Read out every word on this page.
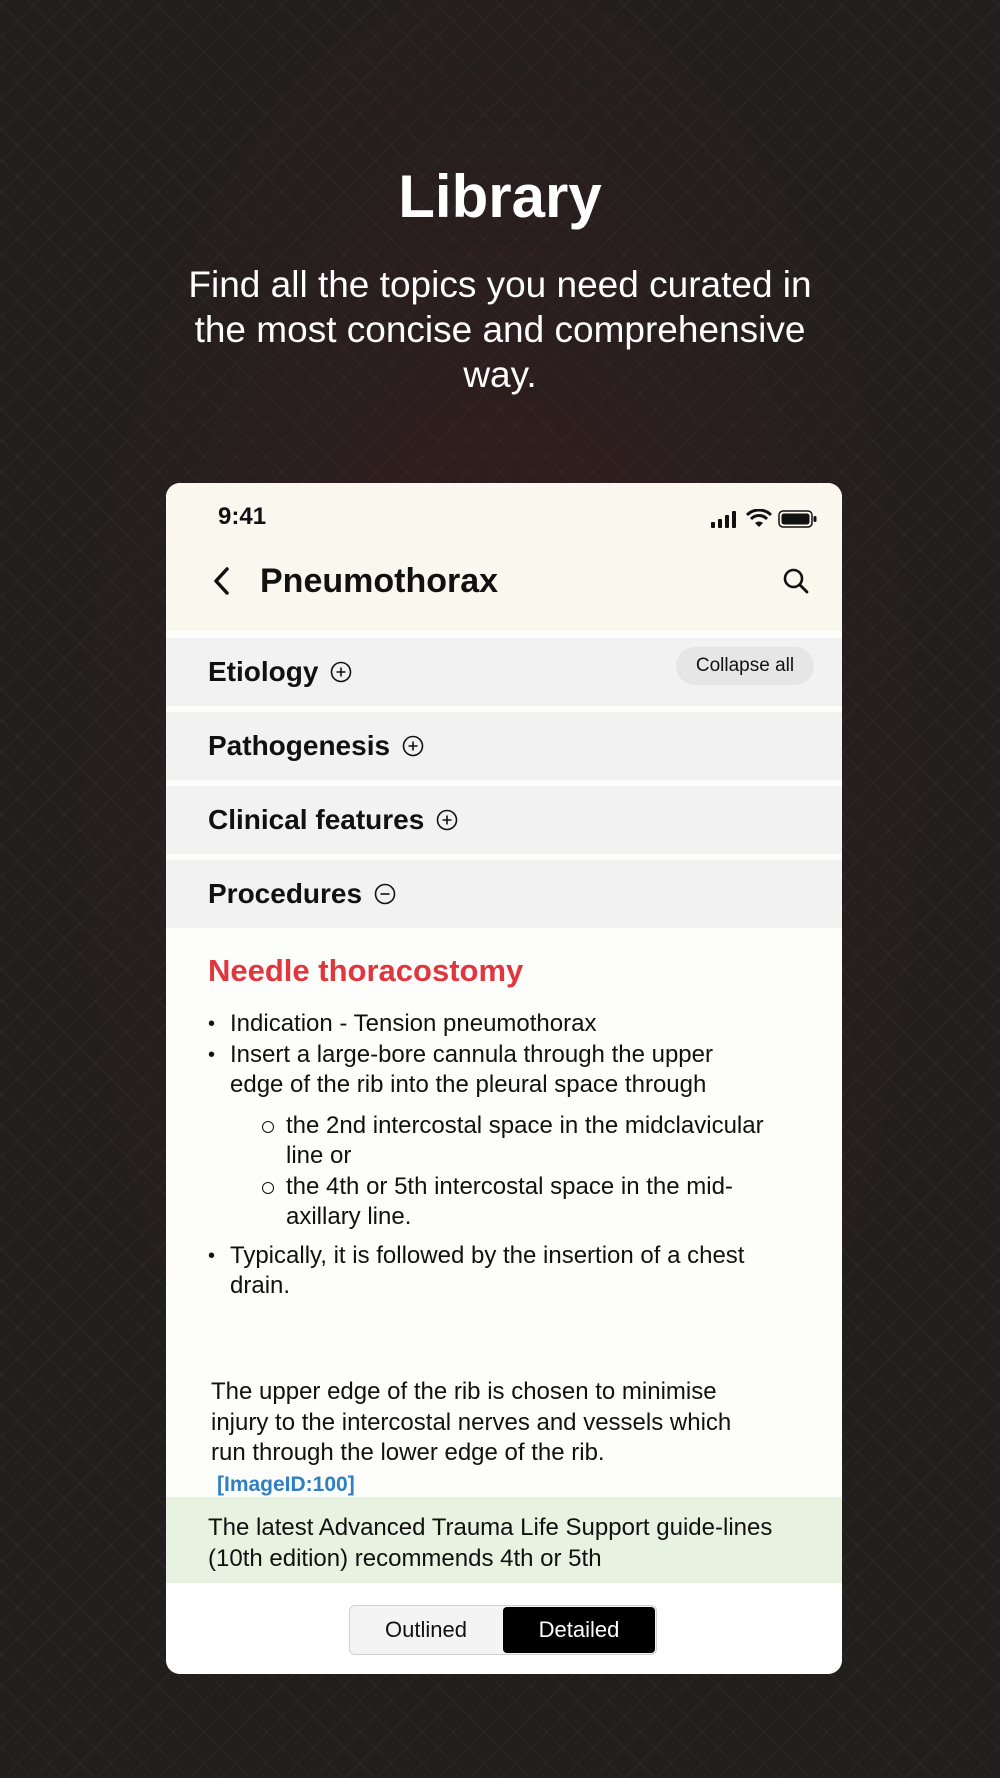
Library

Find all the topics you need curated in the most concise and comprehensive way.

9:41
Pneumothorax
Etiology	Collapse all
Pathogenesis
Clinical features
Procedures
Needle thoracostomy
• Indication - Tension pneumothorax
• Insert a large-bore cannula through the upper edge of the rib into the pleural space through
the 2nd intercostal space in the midclavicular line or
the 4th or 5th intercostal space in the mid-axillary line.
• Typically, it is followed by the insertion of a chest drain.
The upper edge of the rib is chosen to minimise injury to the intercostal nerves and vessels which run through the lower edge of the rib. [ImageID:100]
The latest Advanced Trauma Life Support guide-lines (10th edition) recommends 4th or 5th
Outlined	Detailed
